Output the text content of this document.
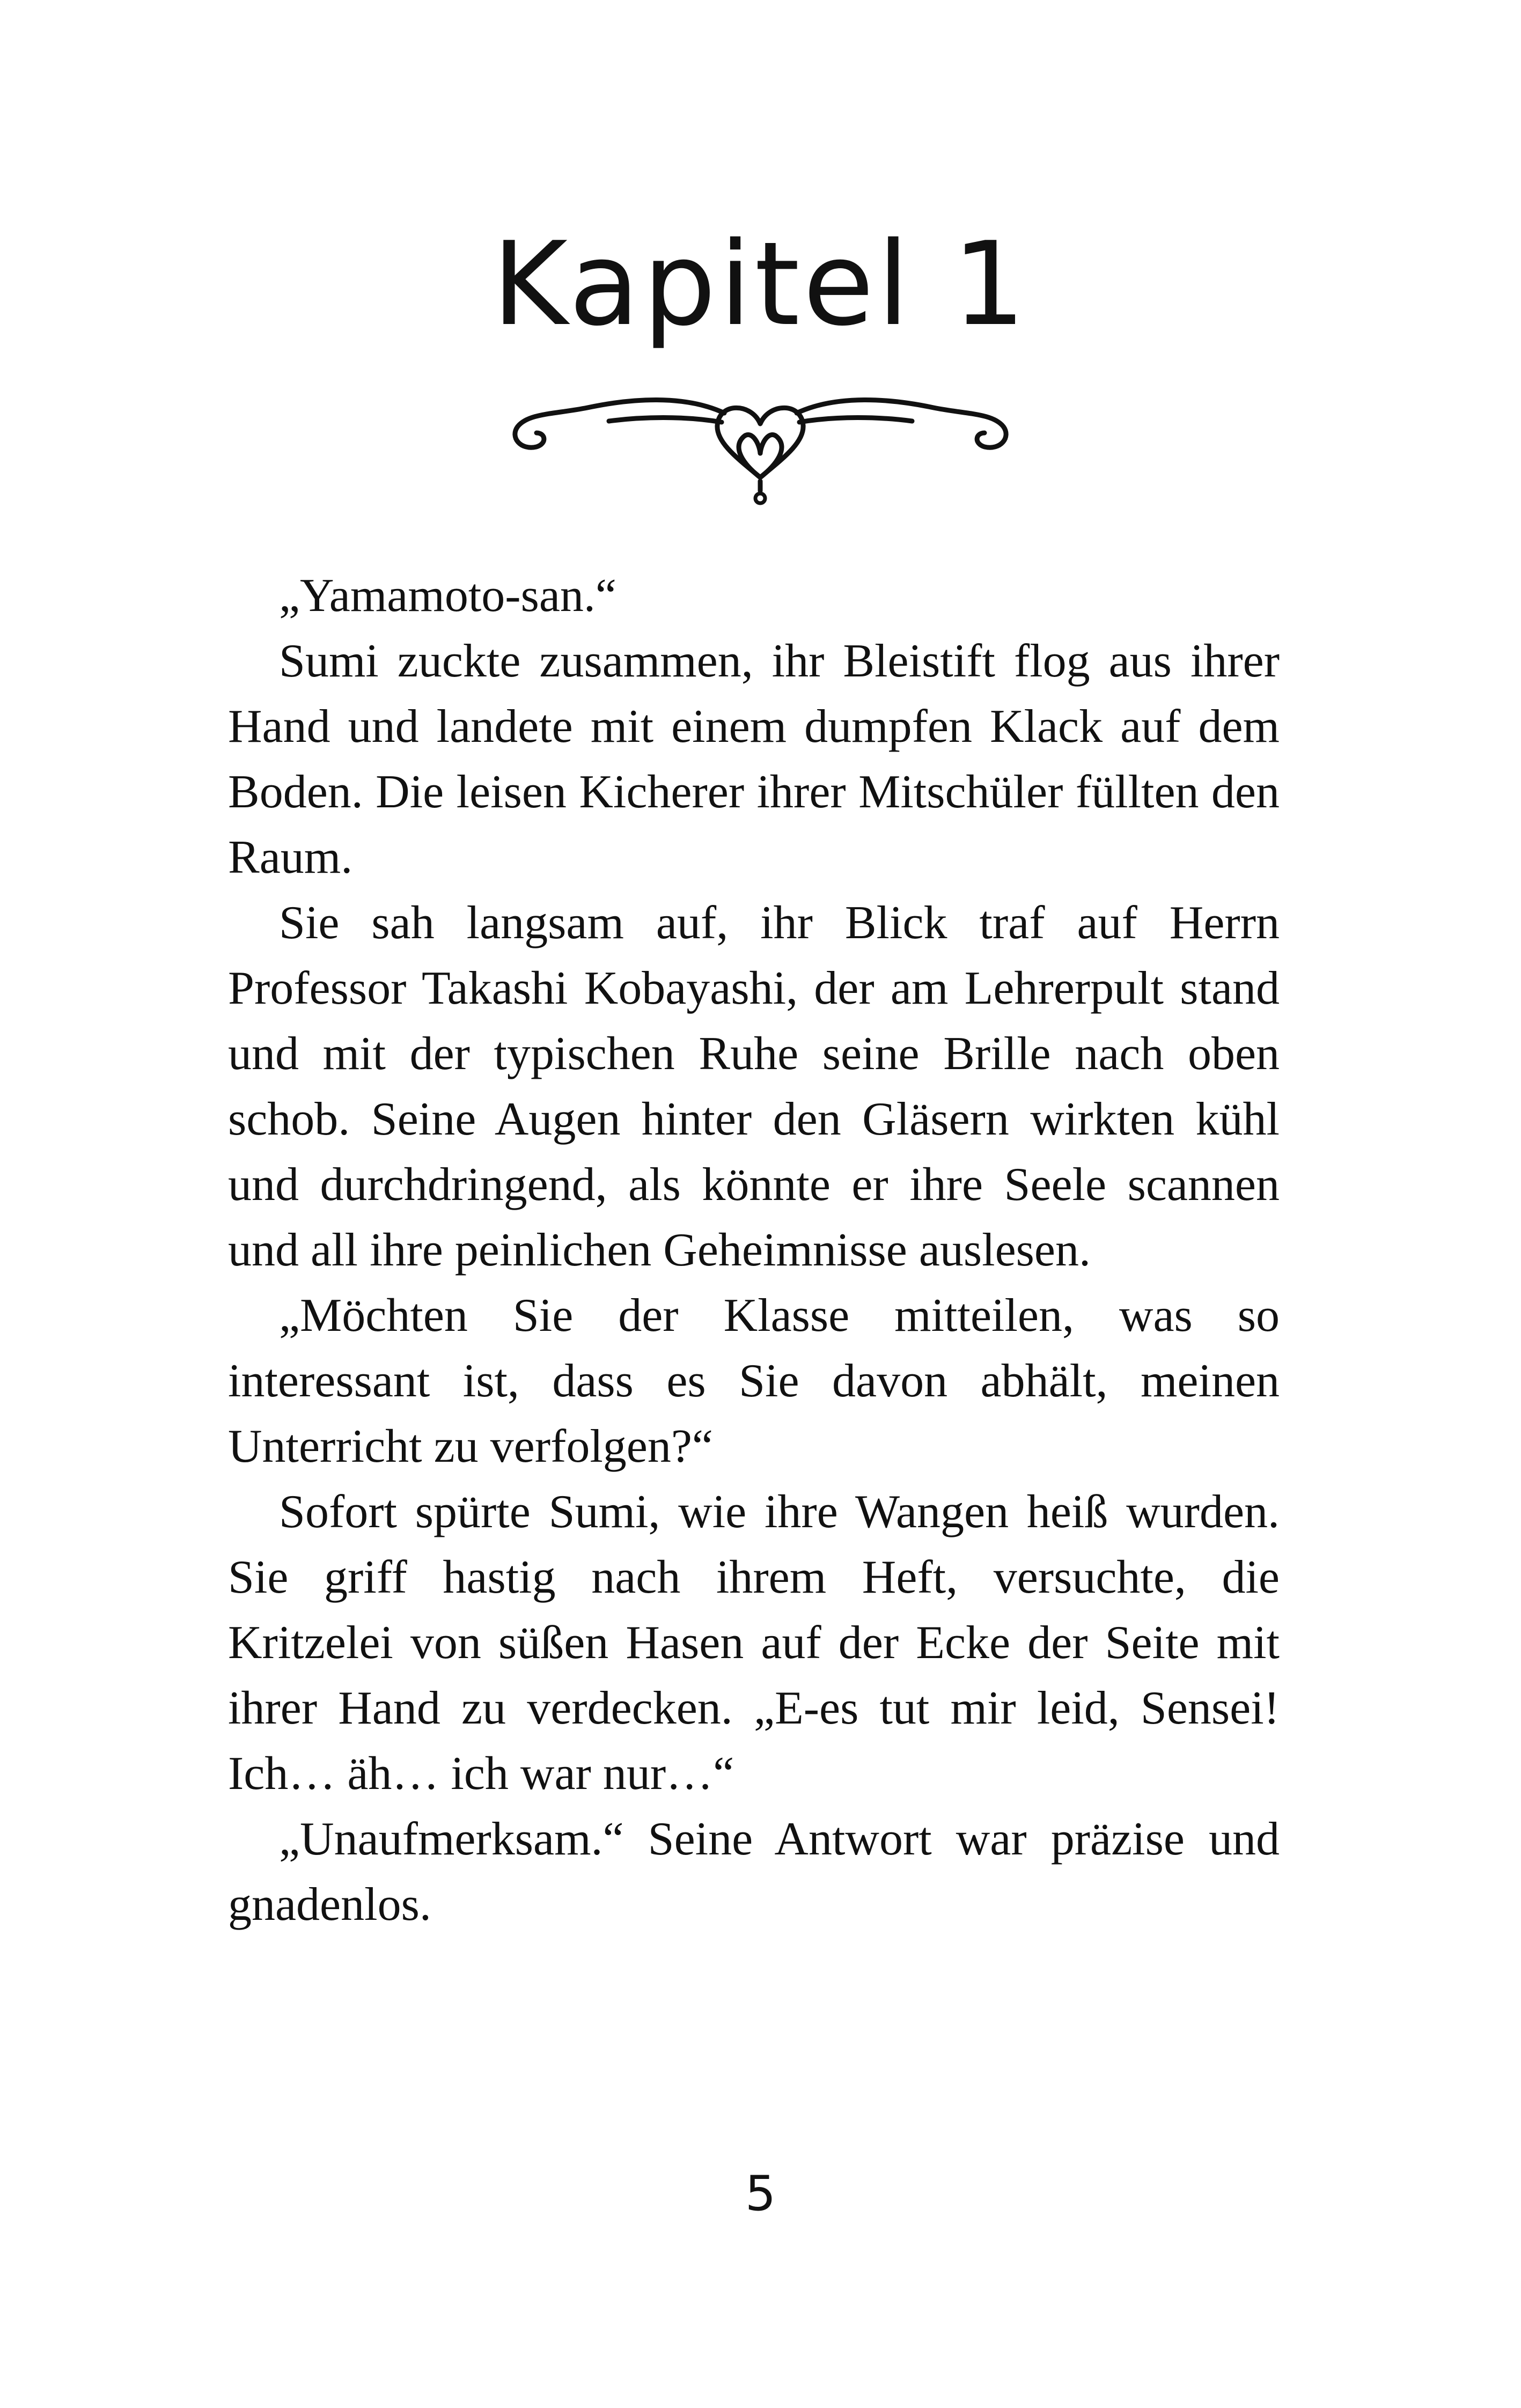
Kapitel 1

„Yamamoto-san.“

Sumi zuckte zusammen, ihr Bleistift flog aus ihrer Hand und landete mit einem dumpfen Klack auf dem Boden. Die leisen Kicherer ihrer Mitschüler füllten den Raum.

Sie sah langsam auf, ihr Blick traf auf Herrn Professor Takashi Kobayashi, der am Lehrerpult stand und mit der typischen Ruhe seine Brille nach oben schob. Seine Augen hinter den Gläsern wirkten kühl und durchdringend, als könnte er ihre Seele scannen und all ihre peinlichen Geheimnisse auslesen.

„Möchten Sie der Klasse mitteilen, was so interessant ist, dass es Sie davon abhält, meinen Unterricht zu verfolgen?“

Sofort spürte Sumi, wie ihre Wangen heiß wurden. Sie griff hastig nach ihrem Heft, versuchte, die Kritzelei von süßen Hasen auf der Ecke der Seite mit ihrer Hand zu verdecken. „E-es tut mir leid, Sensei! Ich… äh… ich war nur…“

„Unaufmerksam.“ Seine Antwort war präzise und gnadenlos.

5
